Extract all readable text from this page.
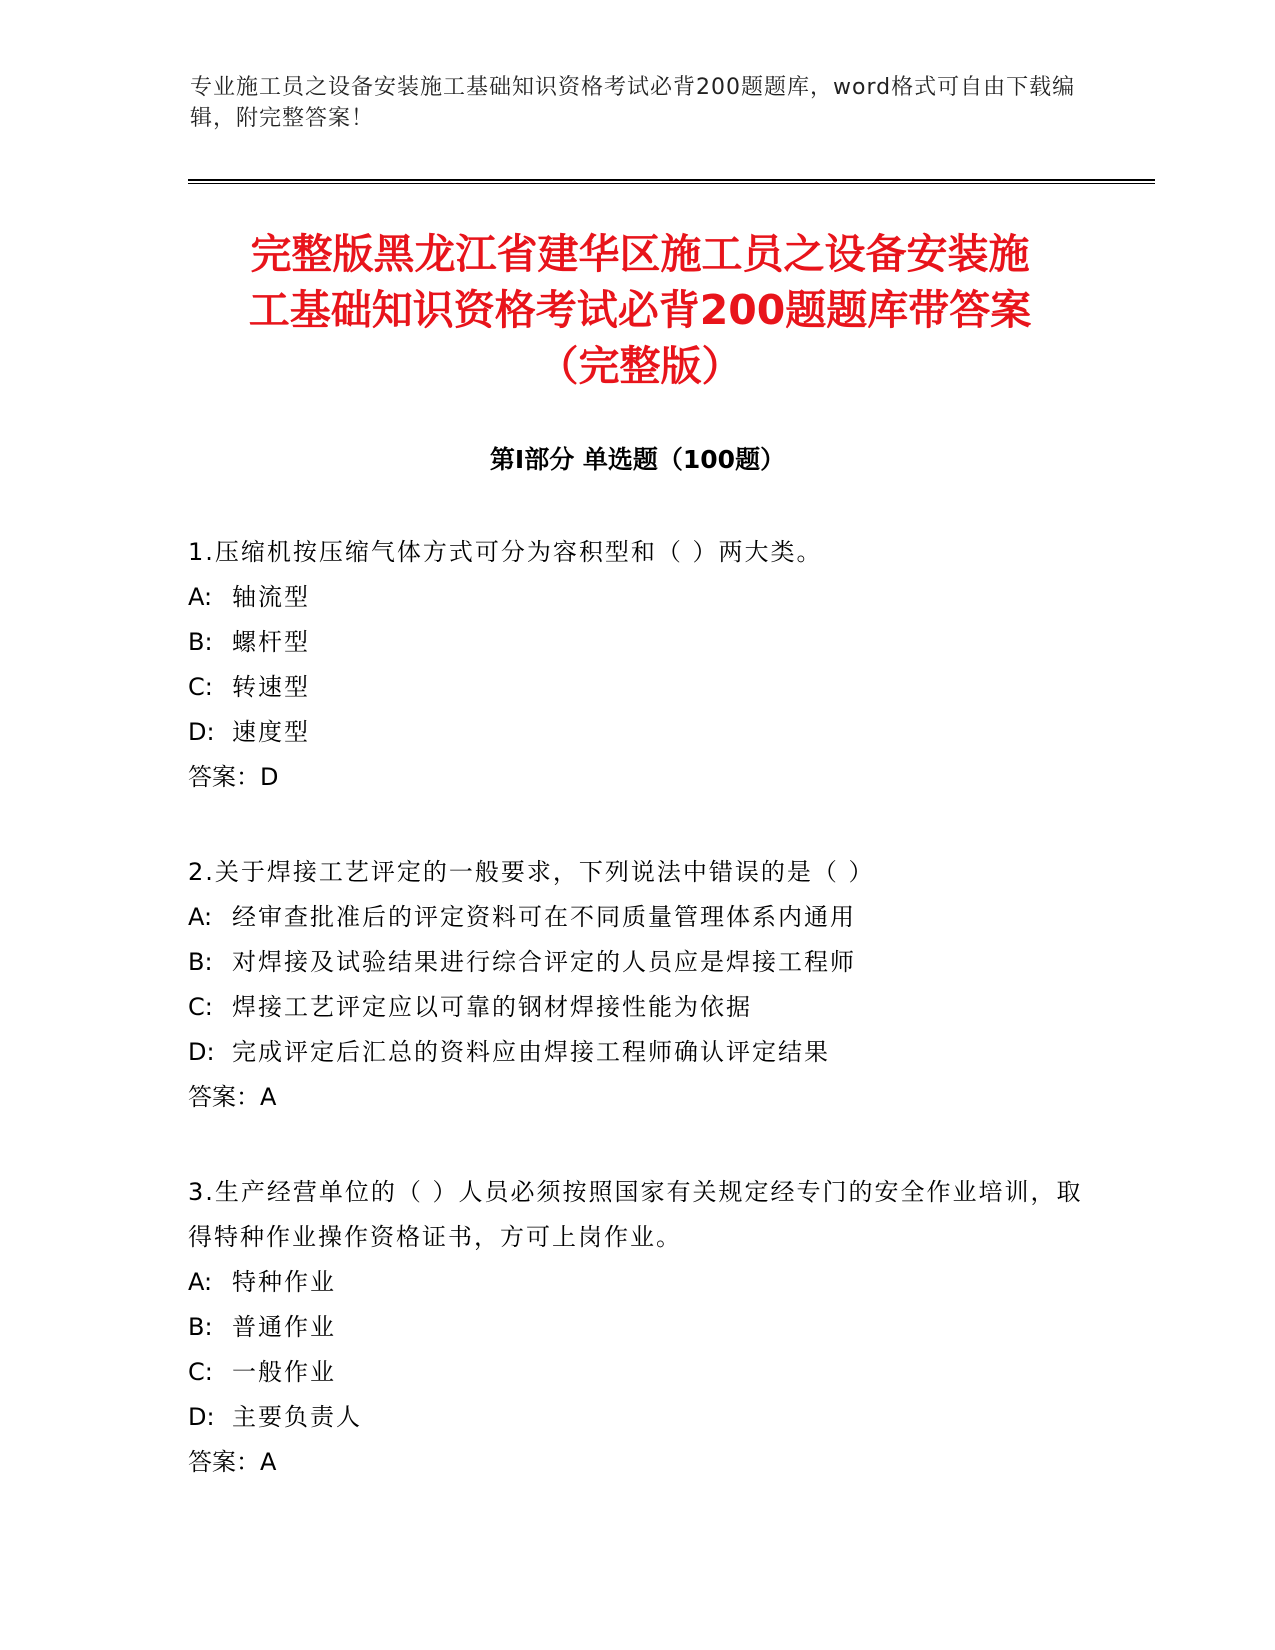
专业施工员之设备安装施工基础知识资格考试必背200题题库，word格式可自由下载编辑，附完整答案！

完整版黑龙江省建华区施工员之设备安装施
工基础知识资格考试必背200题题库带答案
（完整版）
第Ⅰ部分 单选题（100题）

1.压缩机按压缩气体方式可分为容积型和（ ）两大类。

A: 轴流型

B: 螺杆型

C: 转速型

D: 速度型

答案：D

2.关于焊接工艺评定的一般要求，下列说法中错误的是（ ）

A: 经审查批准后的评定资料可在不同质量管理体系内通用

B: 对焊接及试验结果进行综合评定的人员应是焊接工程师

C: 焊接工艺评定应以可靠的钢材焊接性能为依据

D: 完成评定后汇总的资料应由焊接工程师确认评定结果

答案：A

3.生产经营单位的（ ）人员必须按照国家有关规定经专门的安全作业培训，取得特种作业操作资格证书，方可上岗作业。

A: 特种作业

B: 普通作业

C: 一般作业

D: 主要负责人

答案：A
